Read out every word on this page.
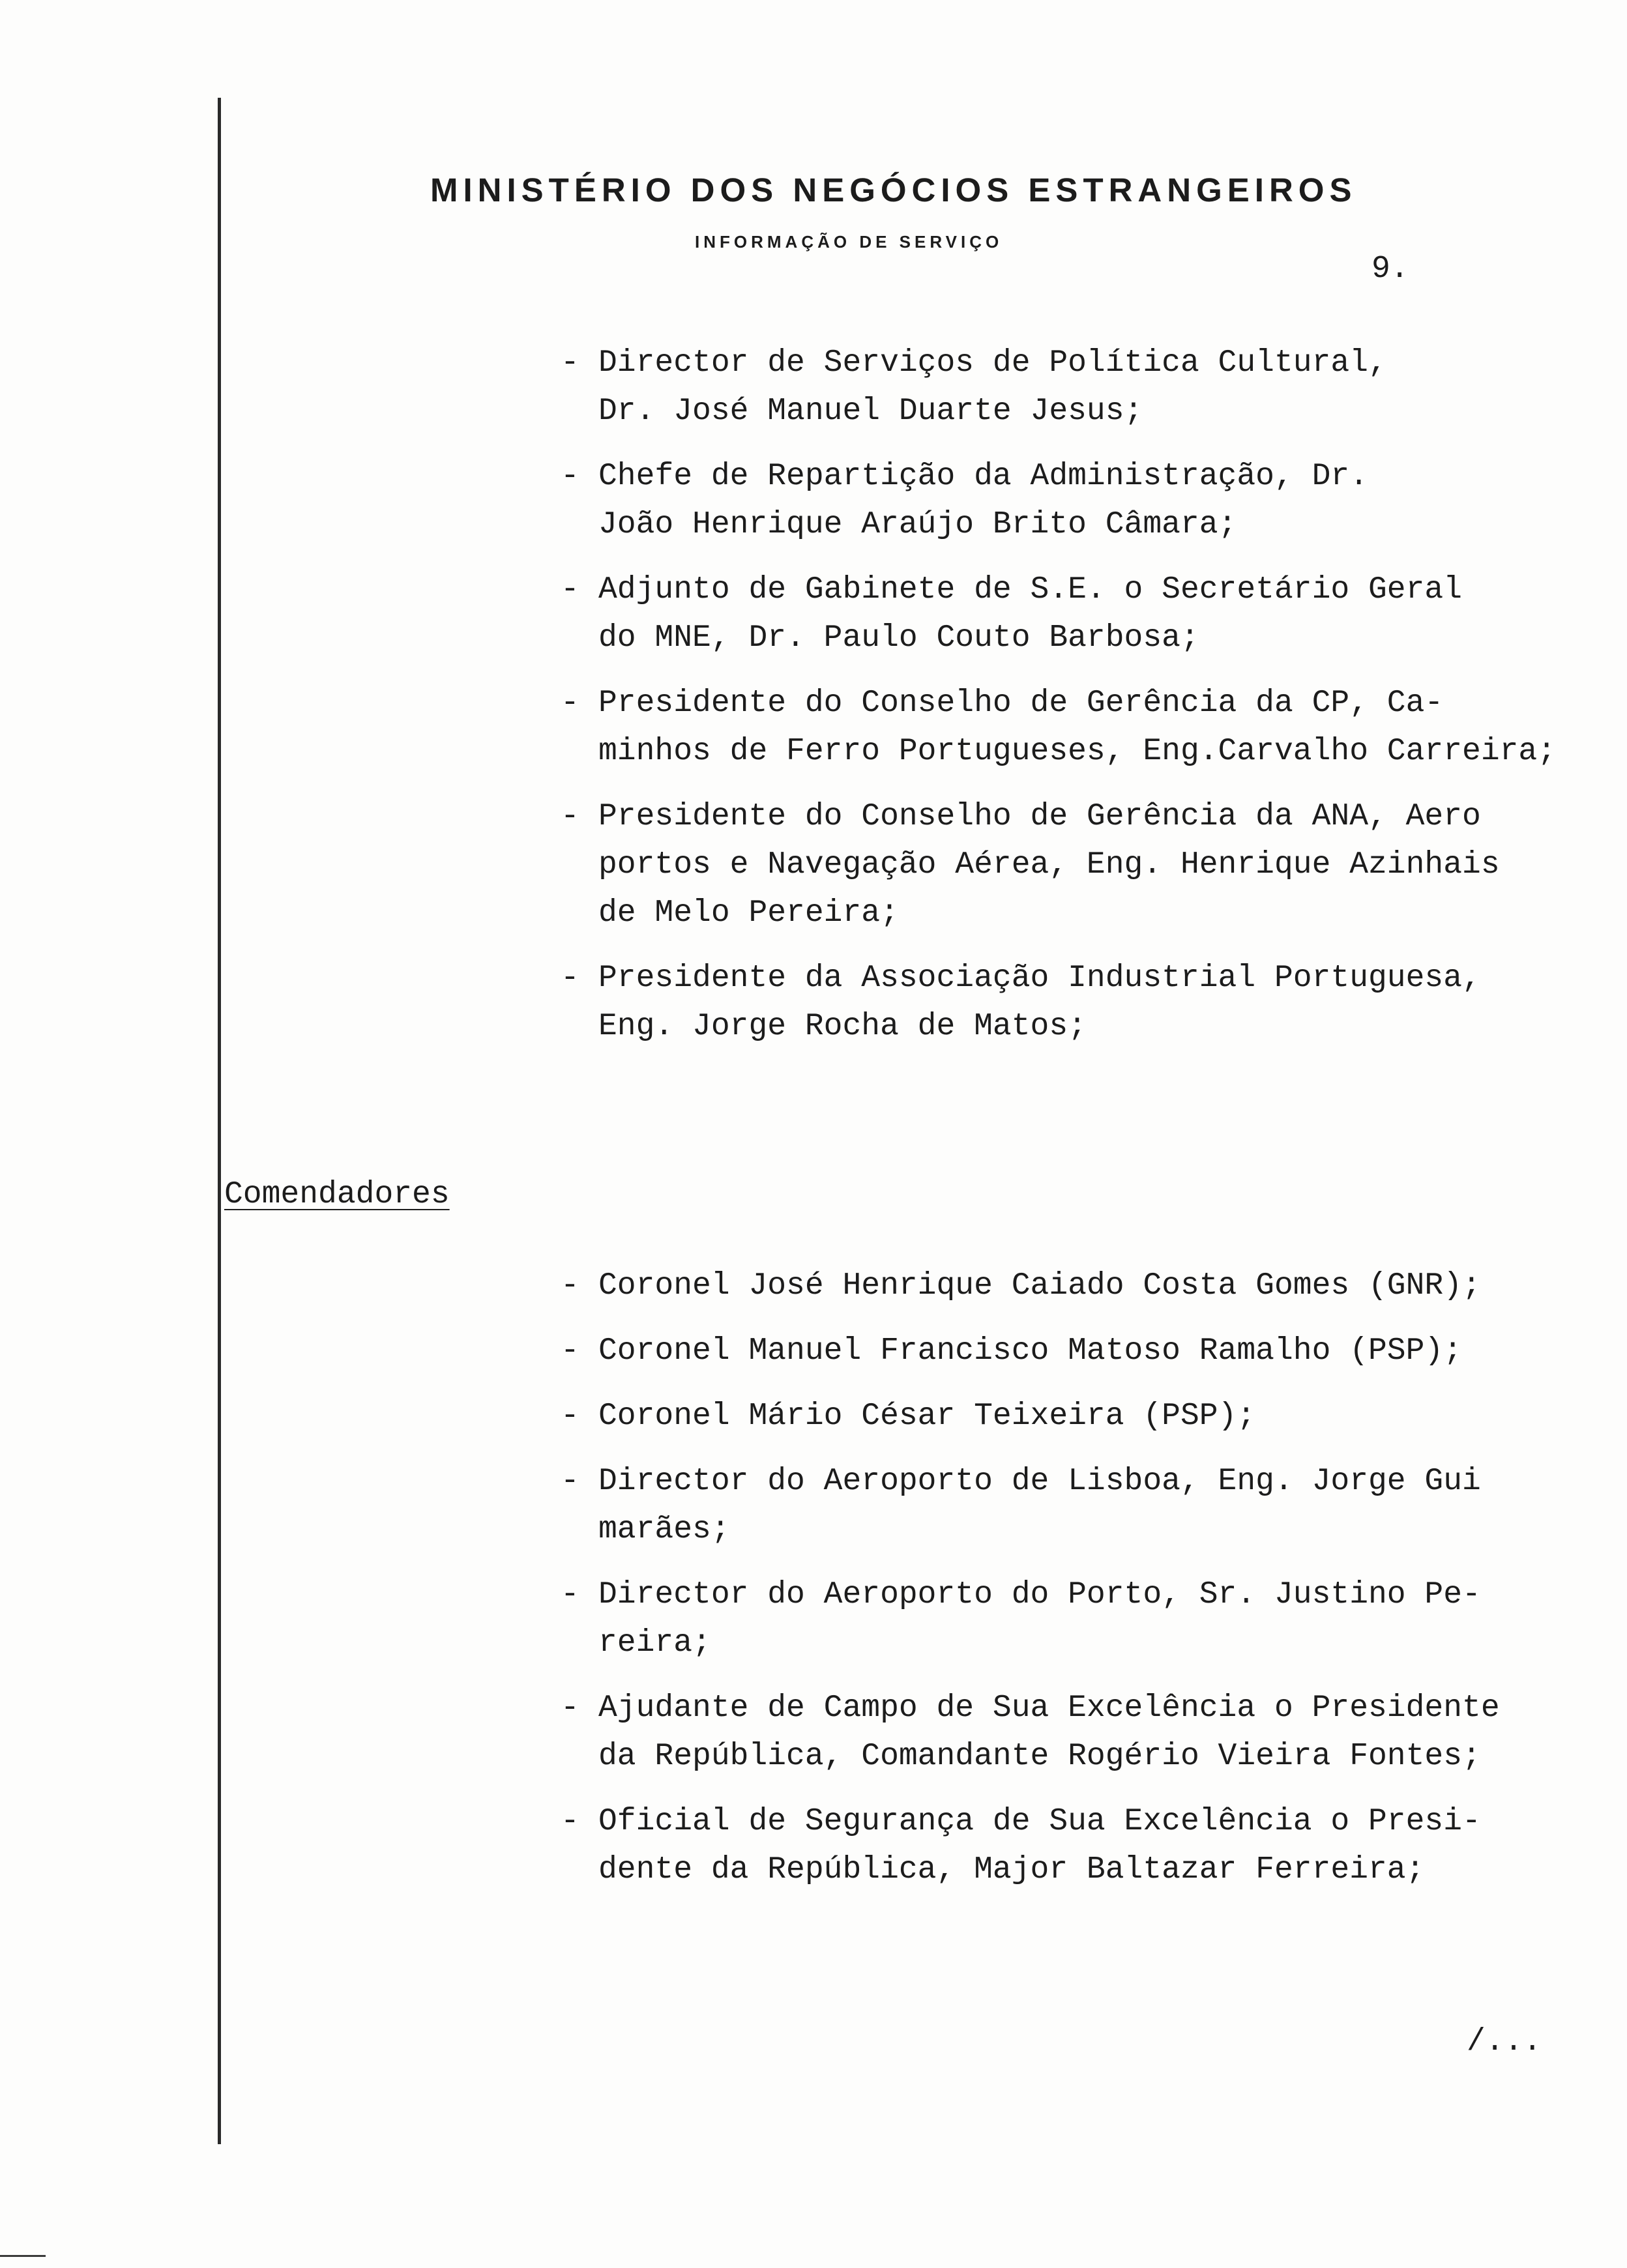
MINISTÉRIO DOS NEGÓCIOS ESTRANGEIROS
INFORMAÇÃO DE SERVIÇO
9.
- Director de Serviços de Política Cultural,
Dr. José Manuel Duarte Jesus;
- Chefe de Repartição da Administração, Dr.
João Henrique Araújo Brito Câmara;
- Adjunto de Gabinete de S.E. o Secretário Geral
do MNE, Dr. Paulo Couto Barbosa;
- Presidente do Conselho de Gerência da CP, Ca-
minhos de Ferro Portugueses, Eng.Carvalho Carreira;
- Presidente do Conselho de Gerência da ANA, Aero
portos e Navegação Aérea, Eng. Henrique Azinhais
de Melo Pereira;
- Presidente da Associação Industrial Portuguesa,
Eng. Jorge Rocha de Matos;
Comendadores
- Coronel José Henrique Caiado Costa Gomes (GNR);
- Coronel Manuel Francisco Matoso Ramalho (PSP);
- Coronel Mário César Teixeira (PSP);
- Director do Aeroporto de Lisboa, Eng. Jorge Gui
marães;
- Director do Aeroporto do Porto, Sr. Justino Pe-
reira;
- Ajudante de Campo de Sua Excelência o Presidente
da República, Comandante Rogério Vieira Fontes;
- Oficial de Segurança de Sua Excelência o Presi-
dente da República, Major Baltazar Ferreira;
/...
